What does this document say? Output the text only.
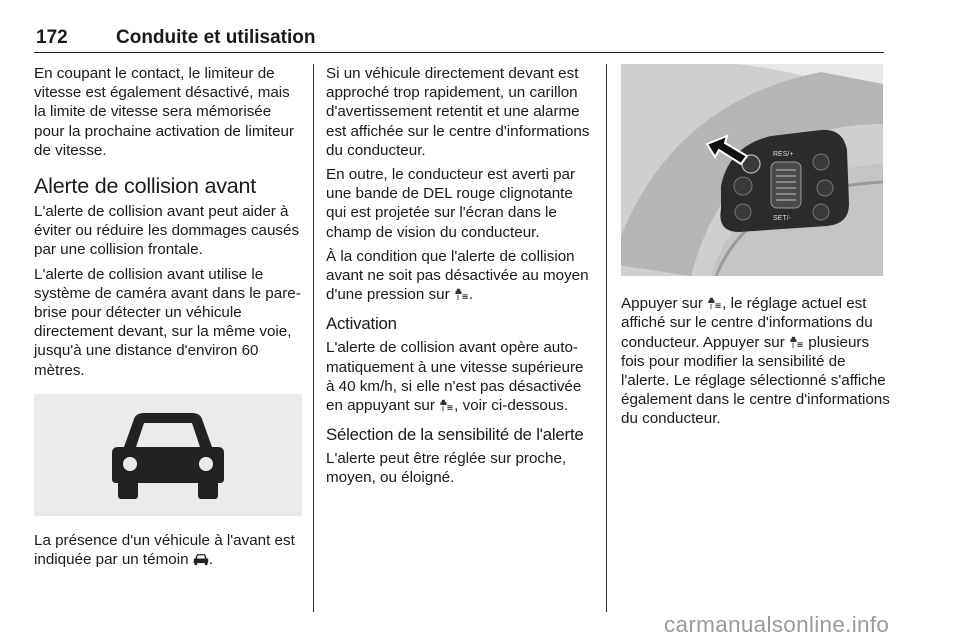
172	Conduite et utilisation

En coupant le contact, le limiteur de vitesse est également désactivé, mais la limite de vitesse sera mémorisée pour la prochaine activation de limiteur de vitesse.

Alerte de collision avant

L'alerte de collision avant peut aider à éviter ou réduire les dommages causés par une collision frontale.

L'alerte de collision avant utilise le système de caméra avant dans le pare-brise pour détecter un véhicule directement devant, sur la même voie, jusqu'à une distance d'environ 60 mètres.

La présence d'un véhicule à l'avant est indiquée par un témoin .

Si un véhicule directement devant est approché trop rapidement, un carillon d'avertissement retentit et une alarme est affichée sur le centre d'informations du conducteur.

En outre, le conducteur est averti par une bande de DEL rouge clignotante qui est projetée sur l'écran dans le champ de vision du conducteur.

À la condition que l'alerte de collision avant ne soit pas désactivée au moyen d'une pression sur .

Activation

L'alerte de collision avant opère automatiquement à une vitesse supérieure à 40 km/h, si elle n'est pas désactivée en appuyant sur , voir ci-dessous.

Sélection de la sensibilité de l'alerte

L'alerte peut être réglée sur proche, moyen, ou éloigné.

RES/+
SET/-

Appuyer sur , le réglage actuel est affiché sur le centre d'informations du conducteur. Appuyer sur plusieurs fois pour modifier la sensibilité de l'alerte. Le réglage sélectionné s'affiche également dans le centre d'informations du conducteur.

carmanualsonline.info
